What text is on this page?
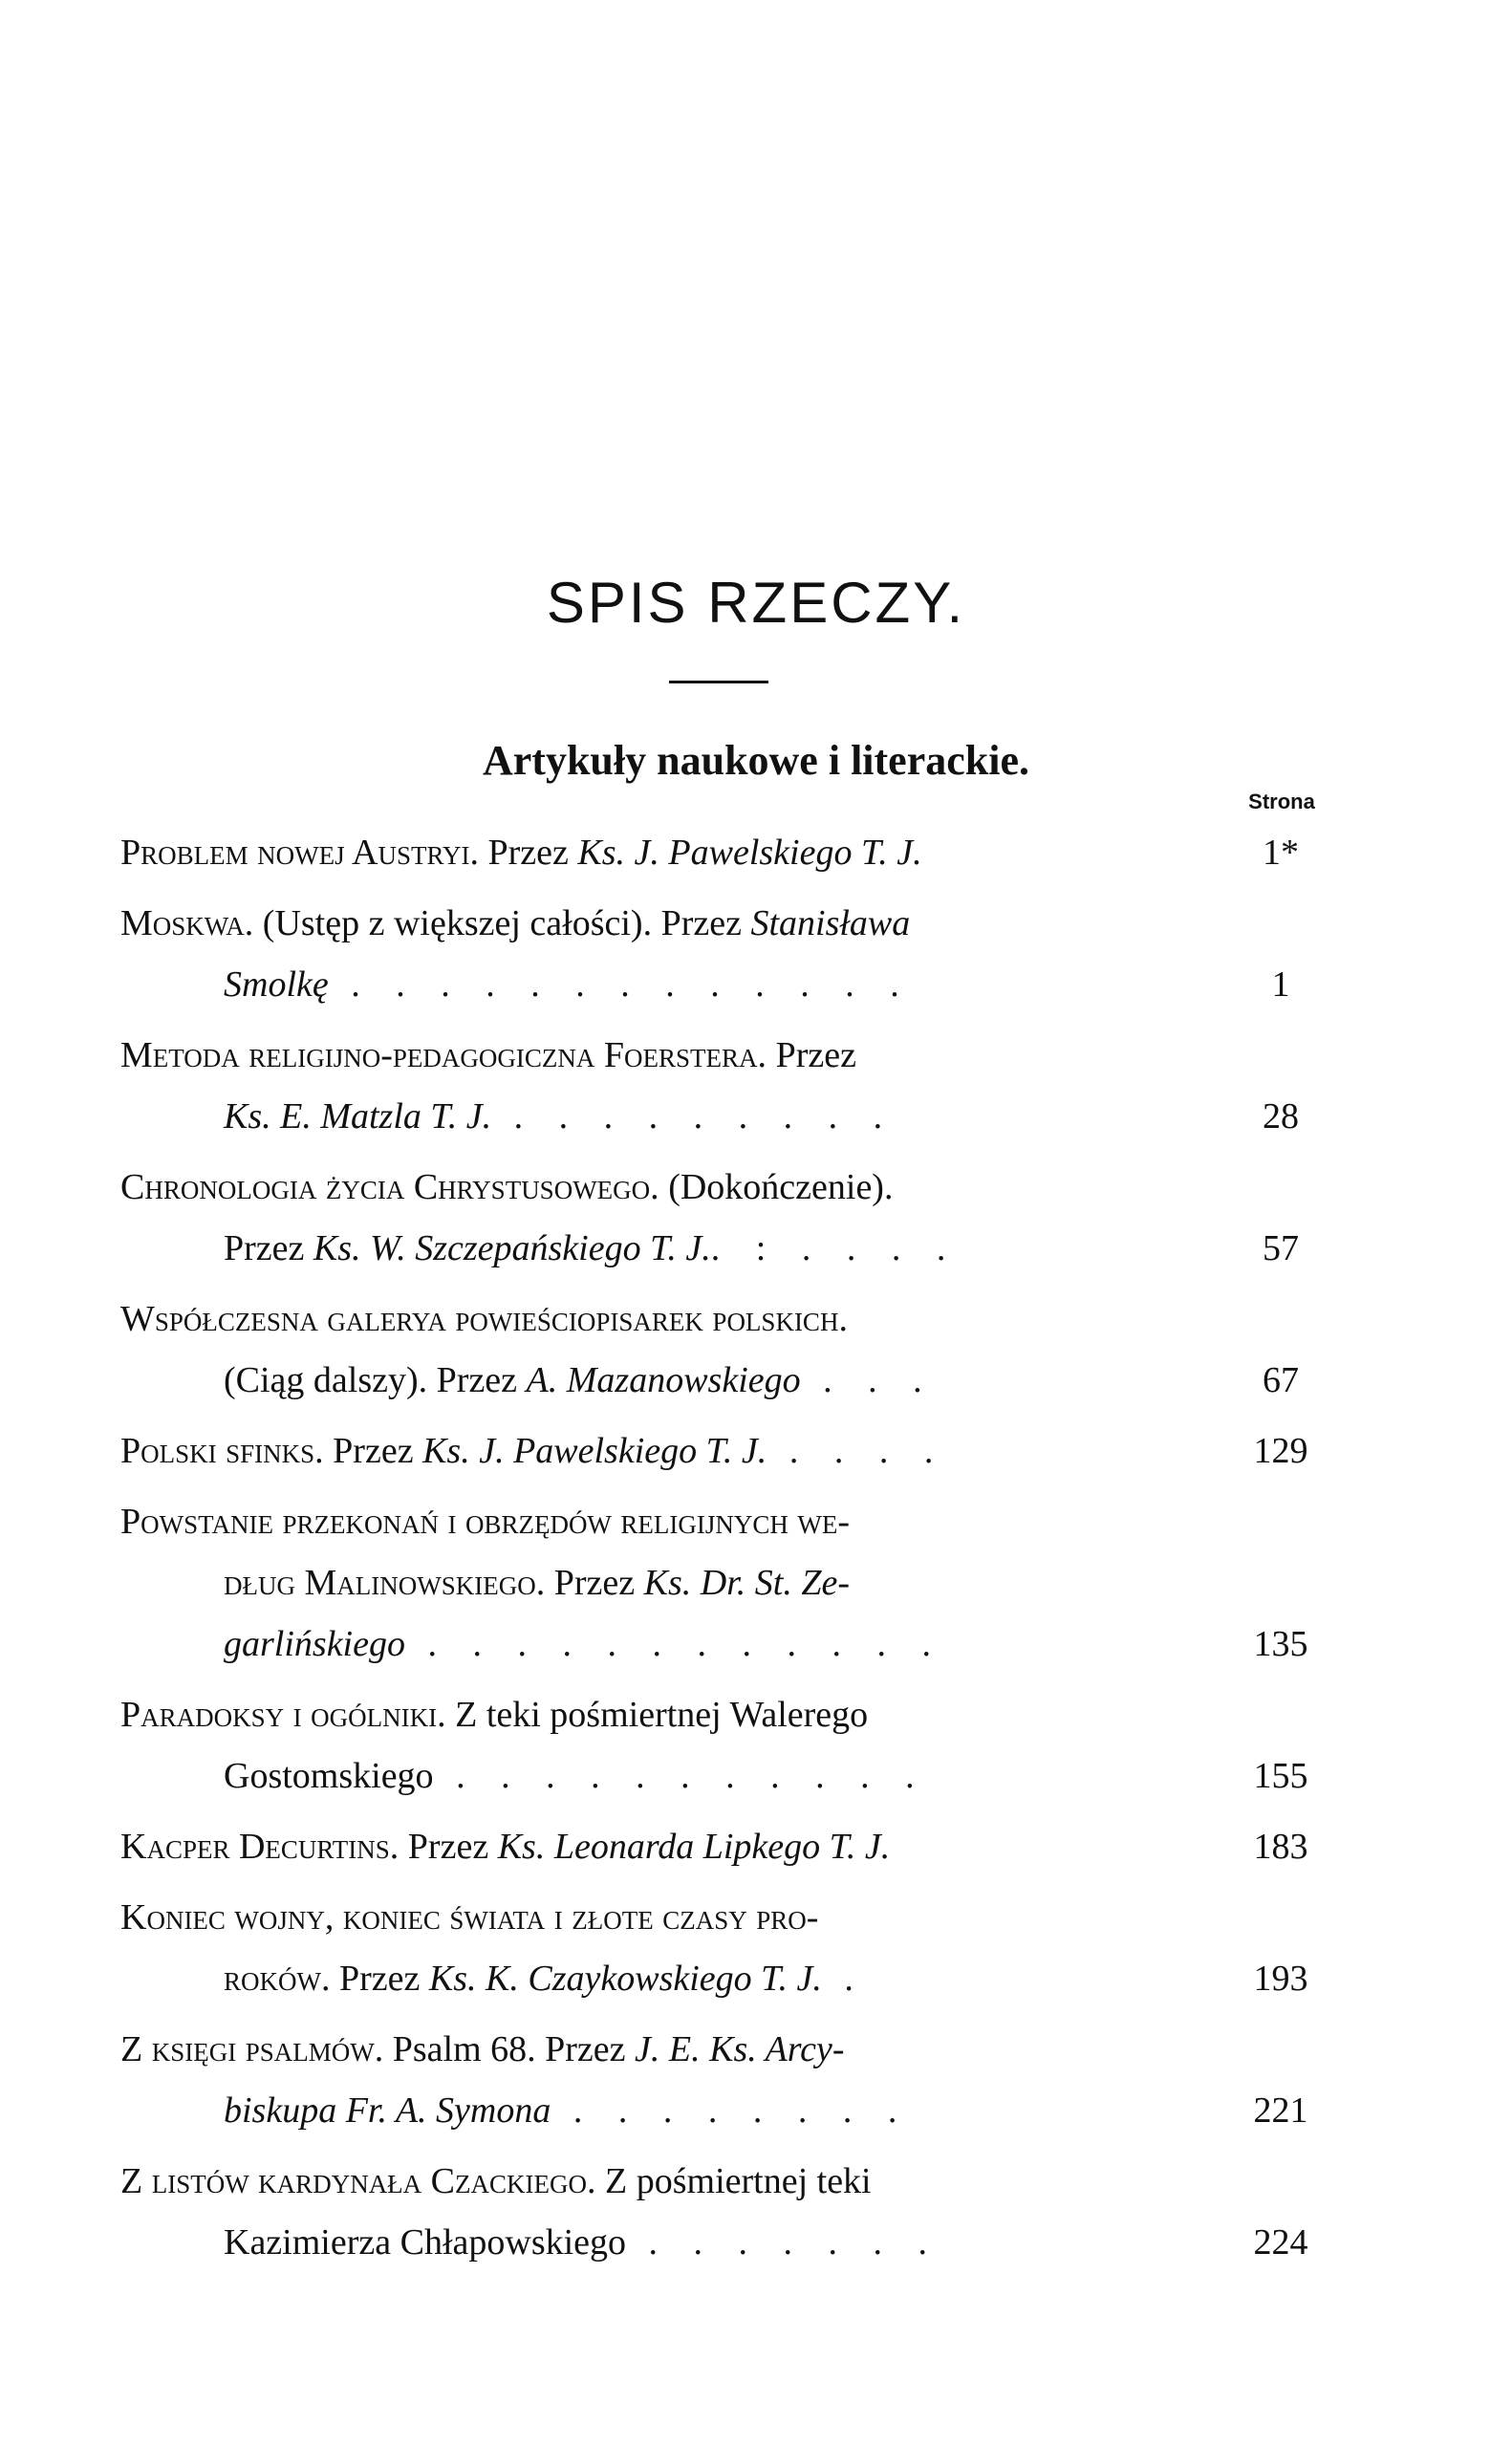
SPIS RZECZY.
Artykuły naukowe i literackie.
Strona
Problem nowej Austryi. Przez Ks. J. Pawelskiego T. J.	1*
Moskwa. (Ustęp z większej całości). Przez Stanisława
Smolkę . . . . . . . . . . . . .	1
Metoda religijno-pedagogiczna Foerstera. Przez
Ks. E. Matzla T. J. . . . . . . . . .	28
Chronologia życia Chrystusowego. (Dokończenie).
Przez Ks. W. Szczepańskiego T. J.. : . . . .	57
Współczesna galerya powieściopisarek polskich.
(Ciąg dalszy). Przez A. Mazanowskiego . . .	67
Polski sfinks. Przez Ks. J. Pawelskiego T. J. . . . .	129
Powstanie przekonań i obrzędów religijnych we-
dług Malinowskiego. Przez Ks. Dr. St. Ze-
garlińskiego . . . . . . . . . . . .	135
Paradoksy i ogólniki. Z teki pośmiertnej Walerego
Gostomskiego . . . . . . . . . . .	155
Kacper Decurtins. Przez Ks. Leonarda Lipkego T. J.	183
Koniec wojny, koniec świata i złote czasy pro-
roków. Przez Ks. K. Czaykowskiego T. J. .	193
Z księgi psalmów. Psalm 68. Przez J. E. Ks. Arcy-
biskupa Fr. A. Symona . . . . . . . .	221
Z listów kardynała Czackiego. Z pośmiertnej teki
Kazimierza Chłapowskiego . . . . . . .	224
